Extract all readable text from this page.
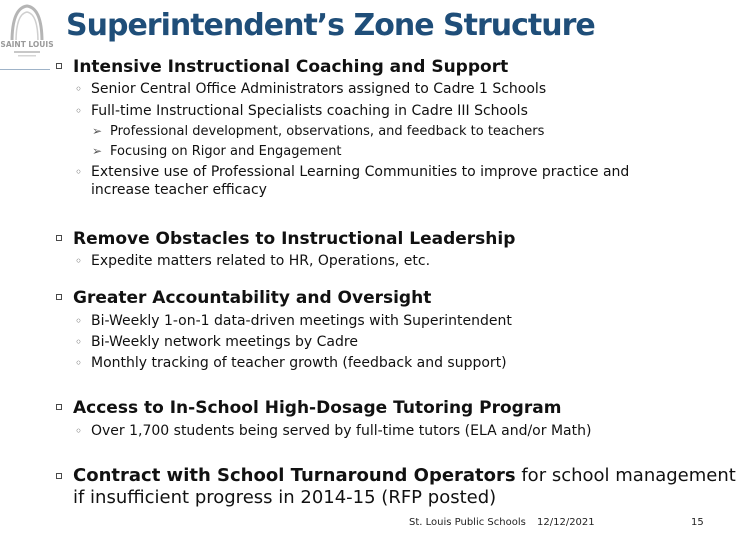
SAINT LOUIS
Superintendent’s Zone Structure
Intensive Instructional Coaching and Support
◦ Senior Central Office Administrators assigned to Cadre 1 Schools
◦ Full-time Instructional Specialists coaching in Cadre III Schools
➢ Professional development, observations, and feedback to teachers
➢ Focusing on Rigor and Engagement
◦ Extensive use of Professional Learning Communities to improve practice and
increase teacher efficacy
Remove Obstacles to Instructional Leadership
◦ Expedite matters related to HR, Operations, etc.
Greater Accountability and Oversight
◦ Bi-Weekly 1-on-1 data-driven meetings with Superintendent
◦ Bi-Weekly network meetings by Cadre
◦ Monthly tracking of teacher growth (feedback and support)
Access to In-School High-Dosage Tutoring Program
◦ Over 1,700 students being served by full-time tutors (ELA and/or Math)
Contract with School Turnaround Operators for school management
if insufficient progress in 2014-15 (RFP posted)
St. Louis Public Schools 12/12/2021	15
